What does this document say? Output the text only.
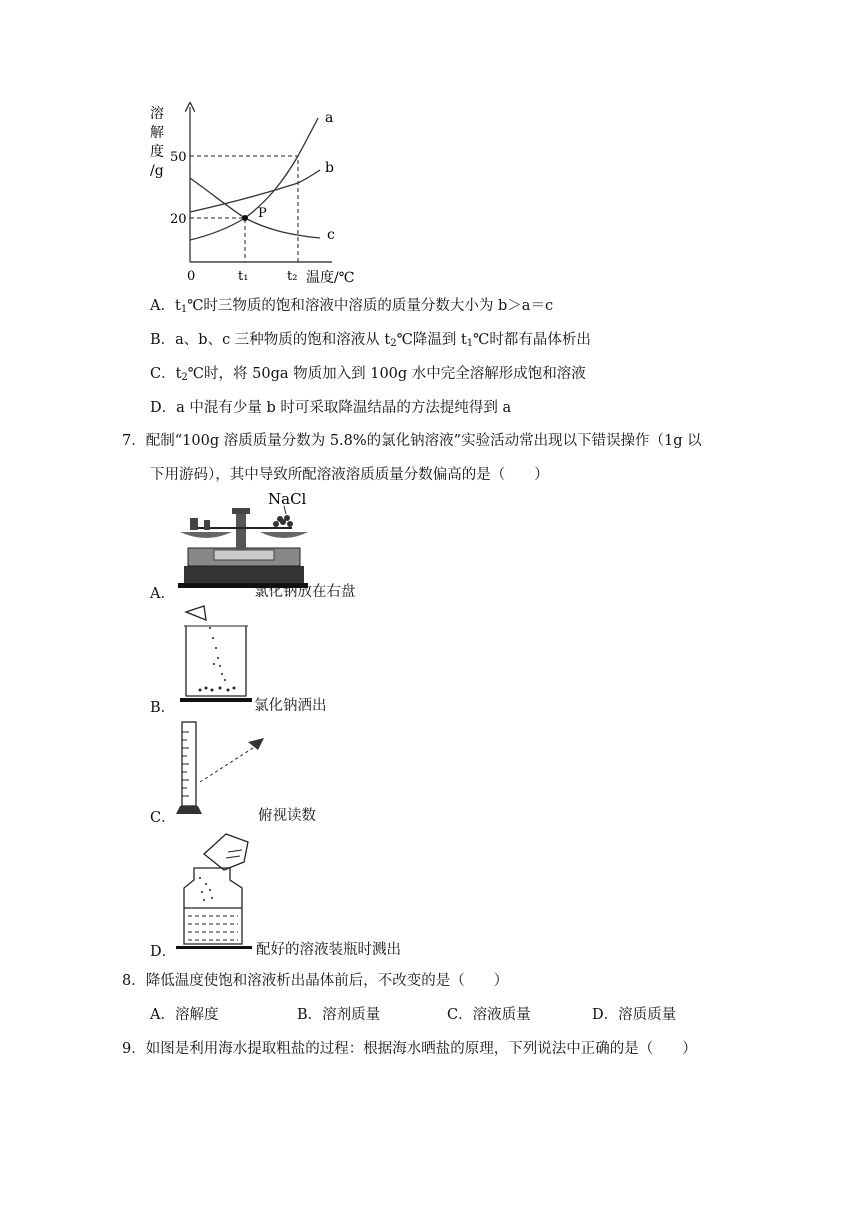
溶
解
度
/g
50
20
0	t₁	t₂ 温度/℃
P
a
b
c
A．$t_1℃$时三物质的饱和溶液中溶质的质量分数大小为 b＞a＝c
B．a、b、c 三种物质的饱和溶液从 $t_2℃$降温到 $t_1℃$时都有晶体析出
C．$t_2℃$时，将 50ga 物质加入到 100g 水中完全溶解形成饱和溶液
D．a 中混有少量 b 时可采取降温结晶的方法提纯得到 a
7．配制“100g 溶质质量分数为 5.8%的氯化钠溶液”实验活动常出现以下错误操作（1g 以
下用游码），其中导致所配溶液溶质质量分数偏高的是（　　）
NaCl
A．	氯化钠放在右盘
B．	氯化钠洒出
C．	俯视读数
D．	配好的溶液装瓶时溅出
8．降低温度使饱和溶液析出晶体前后，不改变的是（　　）
A．溶解度	B．溶剂质量	C．溶液质量	D．溶质质量
9．如图是利用海水提取粗盐的过程：根据海水晒盐的原理，下列说法中正确的是（　　）
